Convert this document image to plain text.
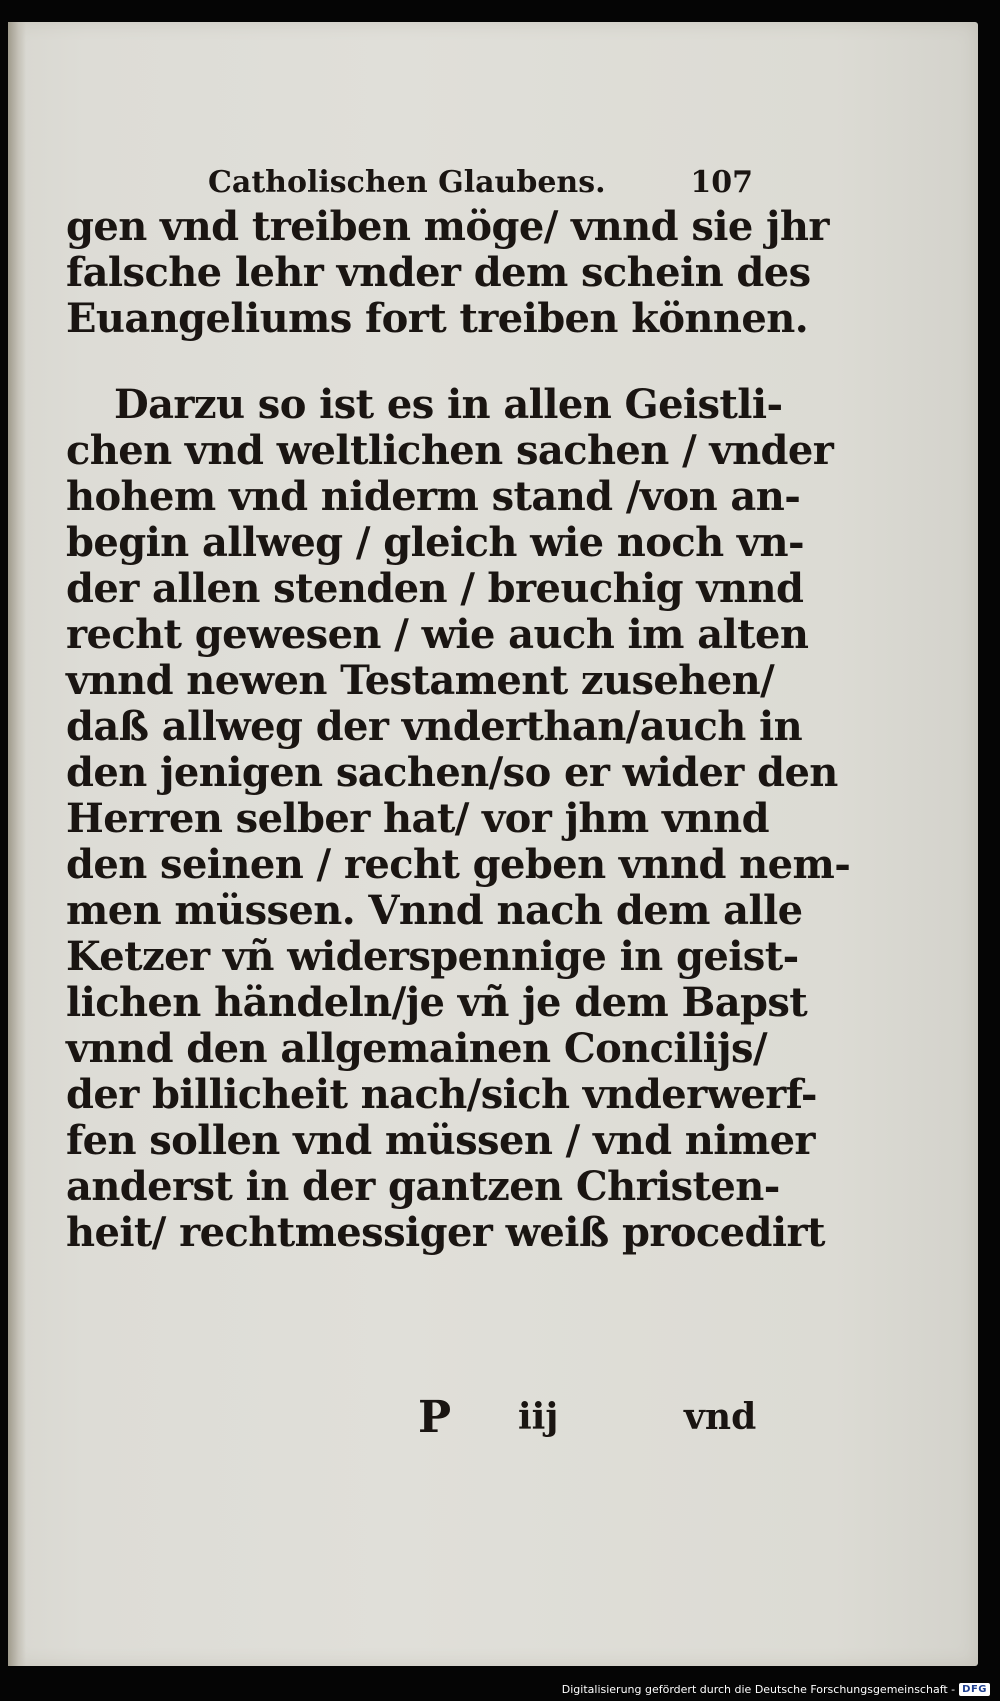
Catholischen Glaubens.	107
gen vnd treiben möge/ vnnd sie jhr
falsche lehr vnder dem schein des
Euangeliums fort treiben können.
Darzu so ist es in allen Geistli-
chen vnd weltlichen sachen / vnder
hohem vnd niderm stand /von an-
begin allweg / gleich wie noch vn-
der allen stenden / breuchig vnnd
recht gewesen / wie auch im alten
vnnd newen Testament zusehen/
daß allweg der vnderthan/auch in
den jenigen sachen/so er wider den
Herren selber hat/ vor jhm vnnd
den seinen / recht geben vnnd nem-
men müssen. Vnnd nach dem alle
Ketzer vñ widerspennige in geist-
lichen händeln/je vñ je dem Bapst
vnnd den allgemainen Concilijs/
der billicheit nach/sich vnderwerf-
fen sollen vnd müssen / vnd nimer
anderst in der gantzen Christen-
heit/ rechtmessiger weiß procedirt
P iij	vnd
Digitalisierung gefördert durch die Deutsche Forschungsgemeinschaft - DFG
